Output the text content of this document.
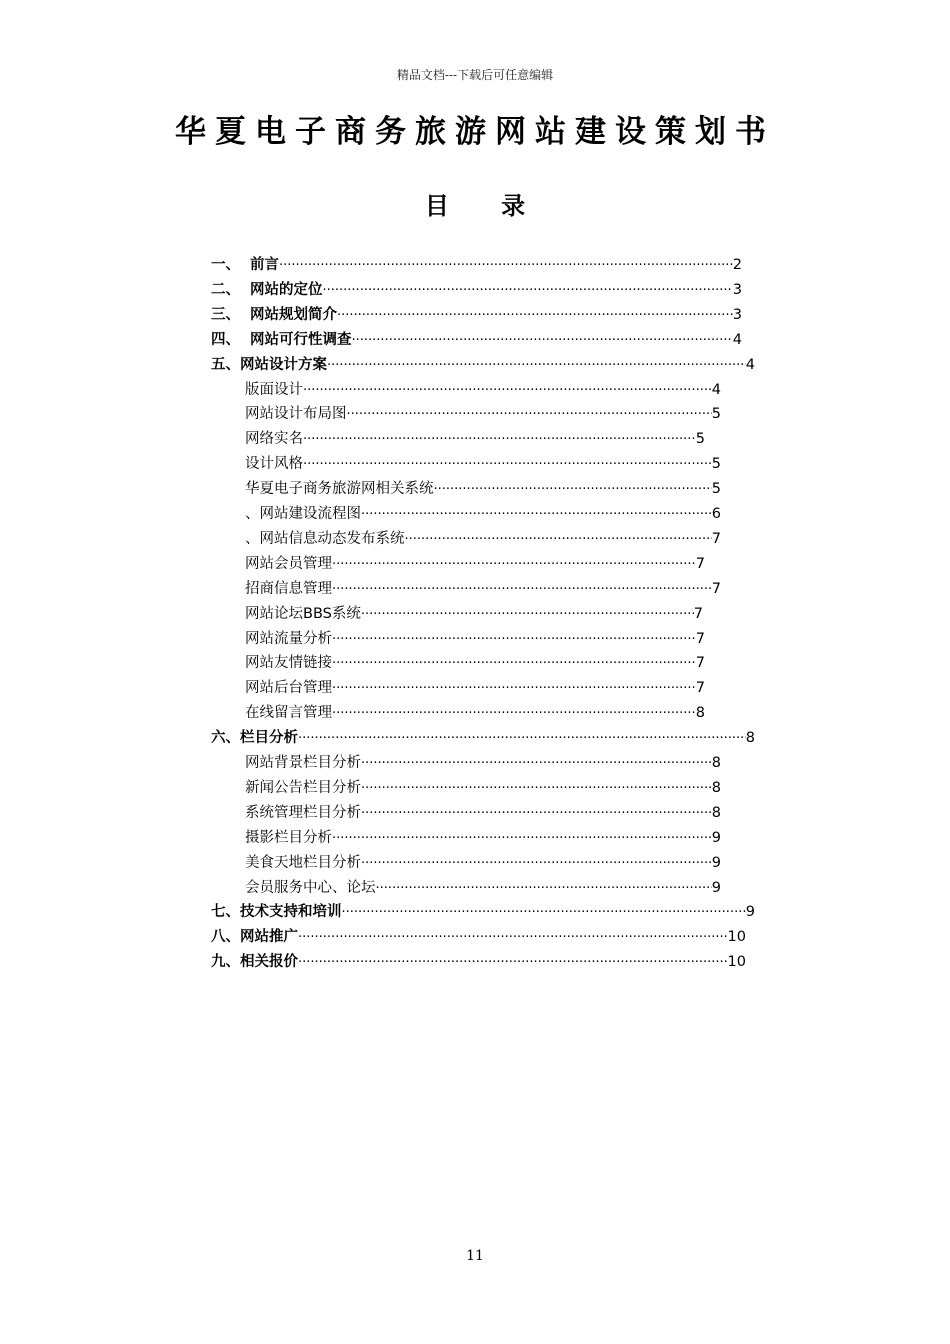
精品文档---下载后可任意编辑
华夏电子商务旅游网站建设策划书
目 录
一、 前言 ·····	2
二、 网站的定位 ·····	3
三、 网站规划简介 ·····	3
四、 网站可行性调查 ·····	4
五、 网站设计方案 ·····	4
版面设计 ·····	4
网站设计布局图 ·····	5
网络实名 ·····	5
设计风格 ·····	5
华夏电子商务旅游网相关系统 ·····	5
、网站建设流程图 ·····	6
、网站信息动态发布系统 ·····	7
网站会员管理 ·····	7
招商信息管理 ·····	7
网站论坛BBS系统 ·····	7
网站流量分析 ·····	7
网站友情链接 ·····	7
网站后台管理 ·····	7
在线留言管理 ·····	8
六、 栏目分析 ·····	8
网站背景栏目分析 ·····	8
新闻公告栏目分析 ·····	8
系统管理栏目分析 ·····	8
摄影栏目分析 ·····	9
美食天地栏目分析 ·····	9
会员服务中心、论坛 ·····	9
七、 技术支持和培训 ·····	9
八、 网站推广 ·····	10
九、 相关报价 ·····	10
11
